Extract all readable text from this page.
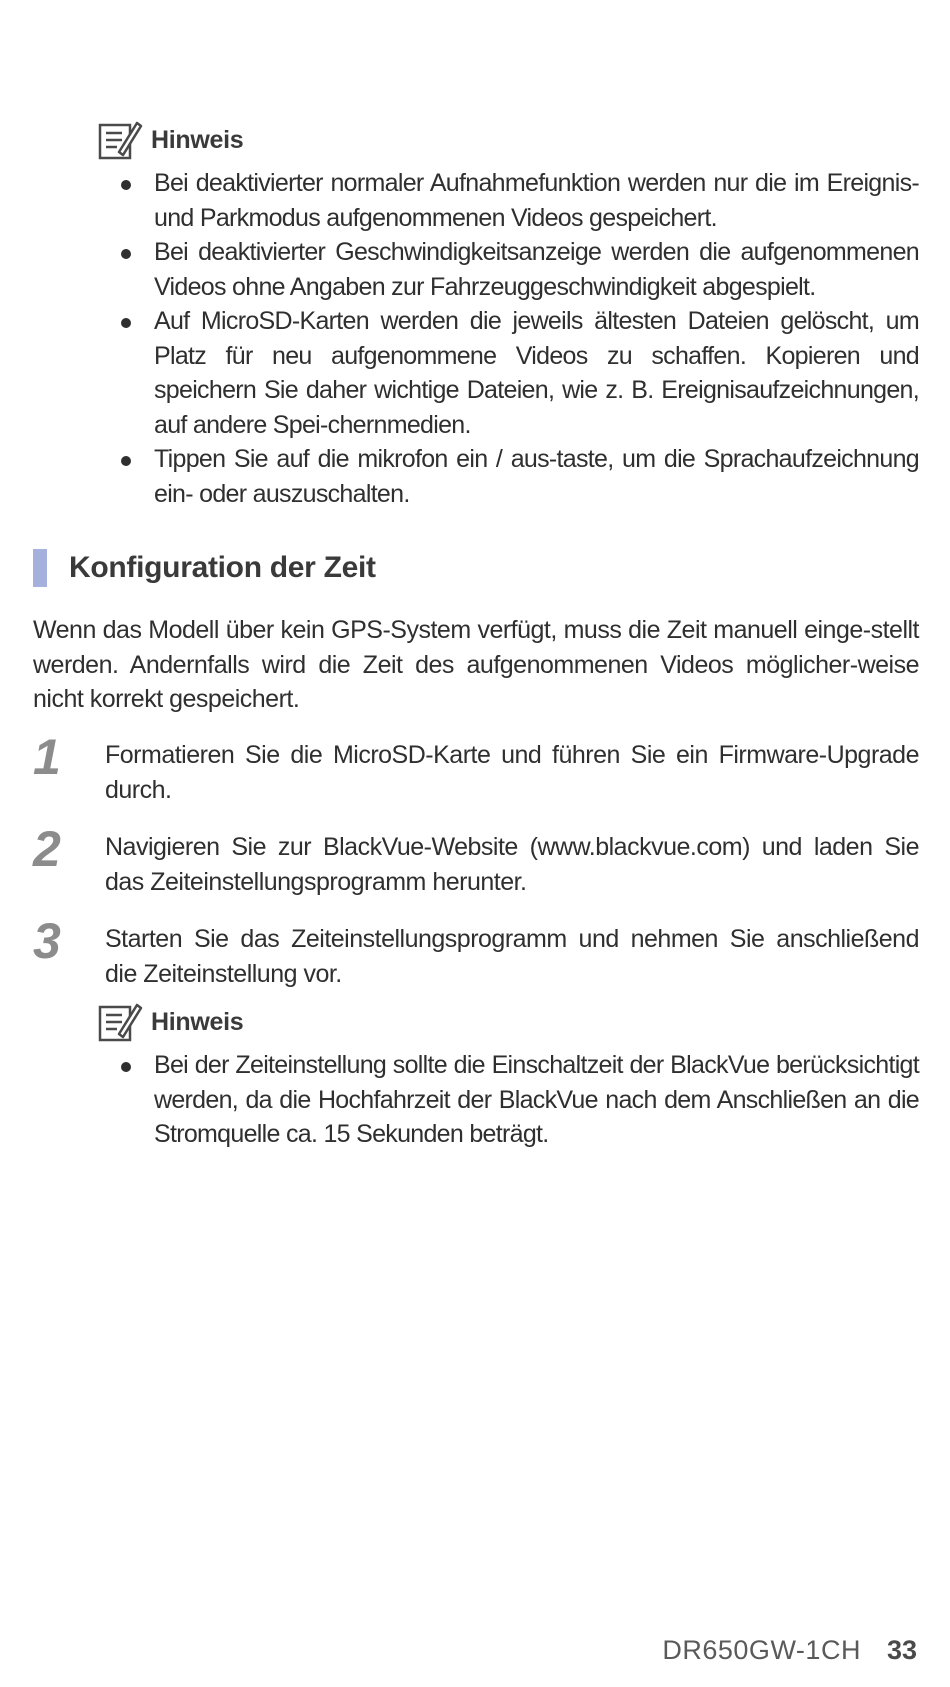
Hinweis
Bei deaktivierter normaler Aufnahmefunktion werden nur die im Ereignis- und Parkmodus aufgenommenen Videos gespeichert.
Bei deaktivierter Geschwindigkeitsanzeige werden die aufgenommenen Videos ohne Angaben zur Fahrzeuggeschwindigkeit abgespielt.
Auf MicroSD-Karten werden die jeweils ältesten Dateien gelöscht, um Platz für neu aufgenommene Videos zu schaffen. Kopieren und speichern Sie daher wichtige Dateien, wie z. B. Ereignisaufzeichnungen, auf andere Spei-chernmedien.
Tippen Sie auf die mikrofon ein / aus-taste, um die Sprachaufzeichnung ein- oder auszuschalten.
Konfiguration der Zeit

Wenn das Modell über kein GPS-System verfügt, muss die Zeit manuell einge-stellt werden. Andernfalls wird die Zeit des aufgenommenen Videos möglicher-weise nicht korrekt gespeichert.

1 Formatieren Sie die MicroSD-Karte und führen Sie ein Firmware-Upgrade durch.

2 Navigieren Sie zur BlackVue-Website (www.blackvue.com) und laden Sie das Zeiteinstellungsprogramm herunter.

3 Starten Sie das Zeiteinstellungsprogramm und nehmen Sie anschließend die Zeiteinstellung vor.

Hinweis
Bei der Zeiteinstellung sollte die Einschaltzeit der BlackVue berücksichtigt werden, da die Hochfahrzeit der BlackVue nach dem Anschließen an die Stromquelle ca. 15 Sekunden beträgt.
DR650GW-1CH 33
